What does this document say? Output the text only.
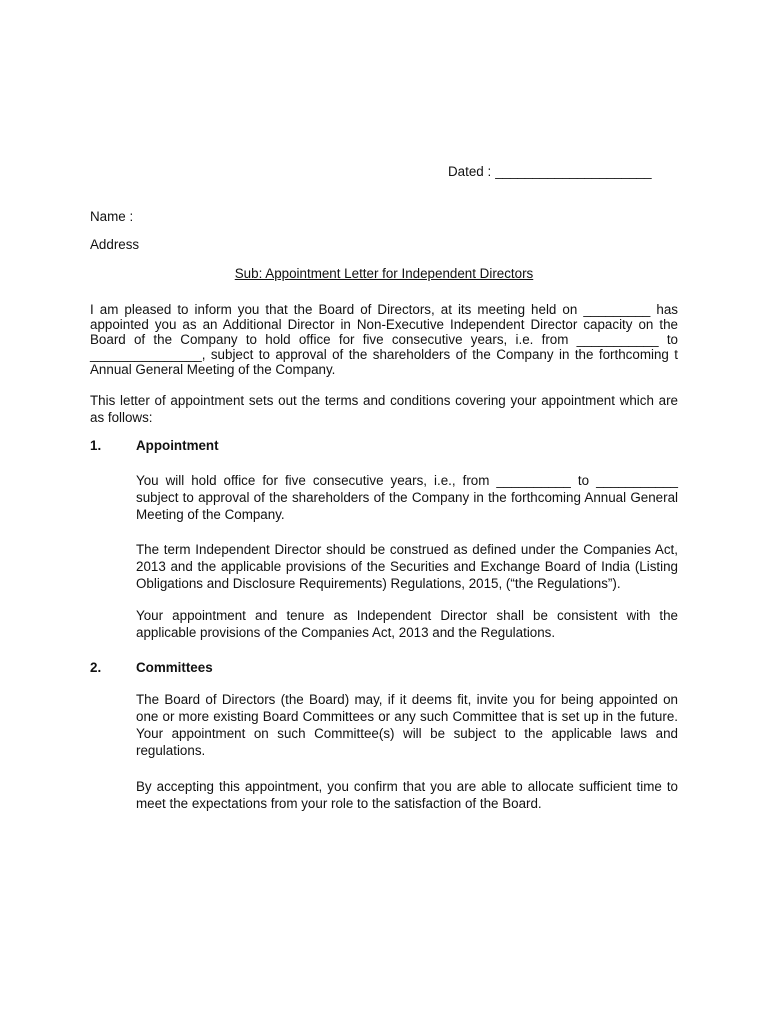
Dated : _____________________

Name :

Address

Sub: Appointment Letter for Independent Directors

I am pleased to inform you that the Board of Directors, at its meeting held on _________ has appointed you as an Additional Director in Non-Executive Independent Director capacity on the Board of the Company to hold office for five consecutive years, i.e. from ___________ to _______________, subject to approval of the shareholders of the Company in the forthcoming t Annual General Meeting of the Company.

This letter of appointment sets out the terms and conditions covering your appointment which are as follows:

1.	Appointment

You will hold office for five consecutive years, i.e., from __________ to ___________ subject to approval of the shareholders of the Company in the forthcoming Annual General Meeting of the Company.

The term Independent Director should be construed as defined under the Companies Act, 2013 and the applicable provisions of the Securities and Exchange Board of India (Listing Obligations and Disclosure Requirements) Regulations, 2015, (“the Regulations”).

Your appointment and tenure as Independent Director shall be consistent with the applicable provisions of the Companies Act, 2013 and the Regulations.

2.	Committees

The Board of Directors (the Board) may, if it deems fit, invite you for being appointed on one or more existing Board Committees or any such Committee that is set up in the future. Your appointment on such Committee(s) will be subject to the applicable laws and regulations.

By accepting this appointment, you confirm that you are able to allocate sufficient time to meet the expectations from your role to the satisfaction of the Board.
